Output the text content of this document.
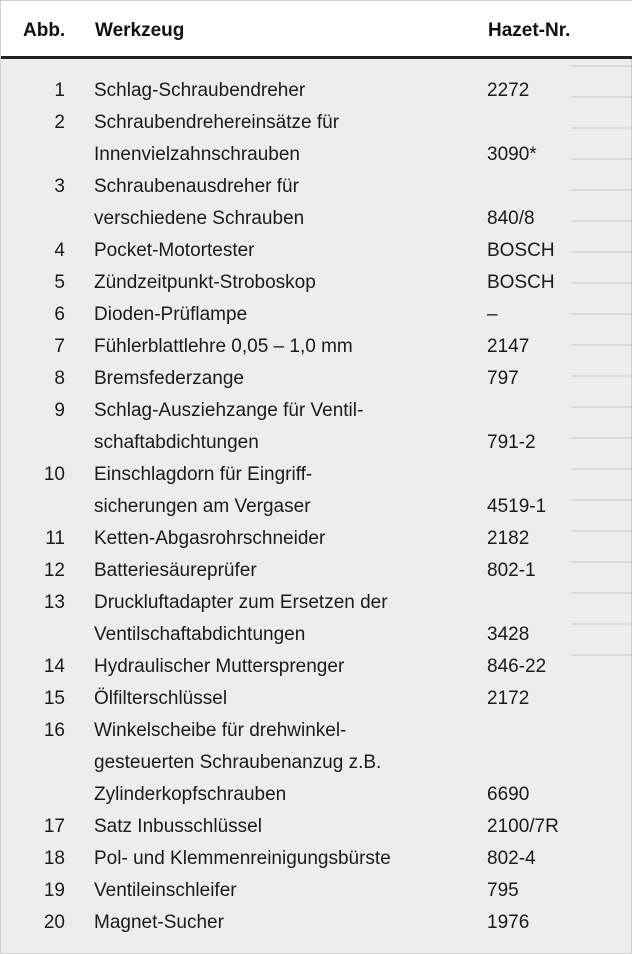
Abb. Werkzeug	Hazet-Nr.
1 Schlag-Schraubendreher	2272
2 Schraubendrehereinsätze für
Innenvielzahnschrauben	3090*
3 Schraubenausdreher für
verschiedene Schrauben	840/8
4 Pocket-Motortester	BOSCH
5 Zündzeitpunkt-Stroboskop	BOSCH
6 Dioden-Prüflampe	–
7 Fühlerblattlehre 0,05 – 1,0 mm	2147
8 Bremsfederzange	797
9 Schlag-Ausziehzange für Ventil-
schaftabdichtungen	791-2
10 Einschlagdorn für Eingriff-
sicherungen am Vergaser	4519-1
11 Ketten-Abgasrohrschneider	2182
12 Batteriesäureprüfer	802-1
13 Druckluftadapter zum Ersetzen der
Ventilschaftabdichtungen	3428
14 Hydraulischer Muttersprenger	846-22
15 Ölfilterschlüssel	2172
16 Winkelscheibe für drehwinkel-
gesteuerten Schraubenanzug z.B.
Zylinderkopfschrauben	6690
17 Satz Inbusschlüssel	2100/7R
18 Pol- und Klemmenreinigungsbürste	802-4
19 Ventileinschleifer	795
20 Magnet-Sucher	1976
